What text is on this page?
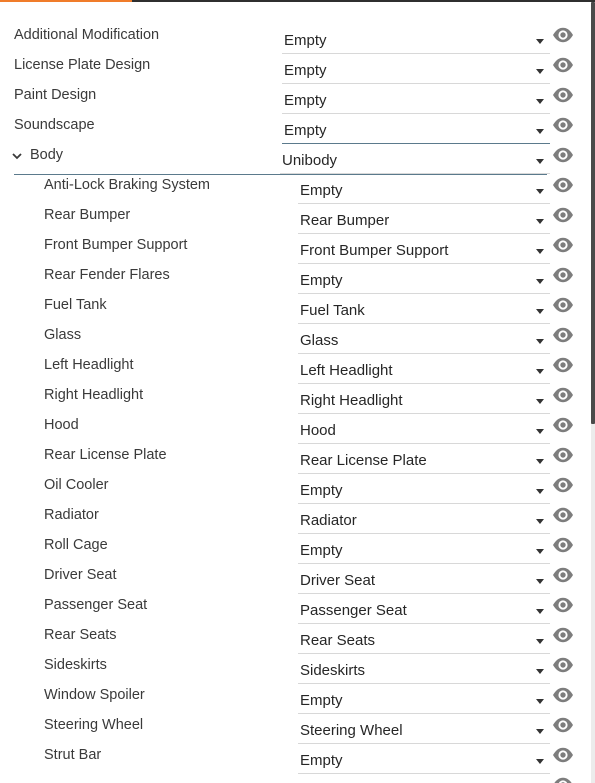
Additional Modification	Empty
License Plate Design	Empty
Paint Design	Empty
Soundscape	Empty
Body	Unibody
Anti-Lock Braking System	Empty
Rear Bumper	Rear Bumper
Front Bumper Support	Front Bumper Support
Rear Fender Flares	Empty
Fuel Tank	Fuel Tank
Glass	Glass
Left Headlight	Left Headlight
Right Headlight	Right Headlight
Hood	Hood
Rear License Plate	Rear License Plate
Oil Cooler	Empty
Radiator	Radiator
Roll Cage	Empty
Driver Seat	Driver Seat
Passenger Seat	Passenger Seat
Rear Seats	Rear Seats
Sideskirts	Sideskirts
Window Spoiler	Empty
Steering Wheel	Steering Wheel
Strut Bar	Empty
